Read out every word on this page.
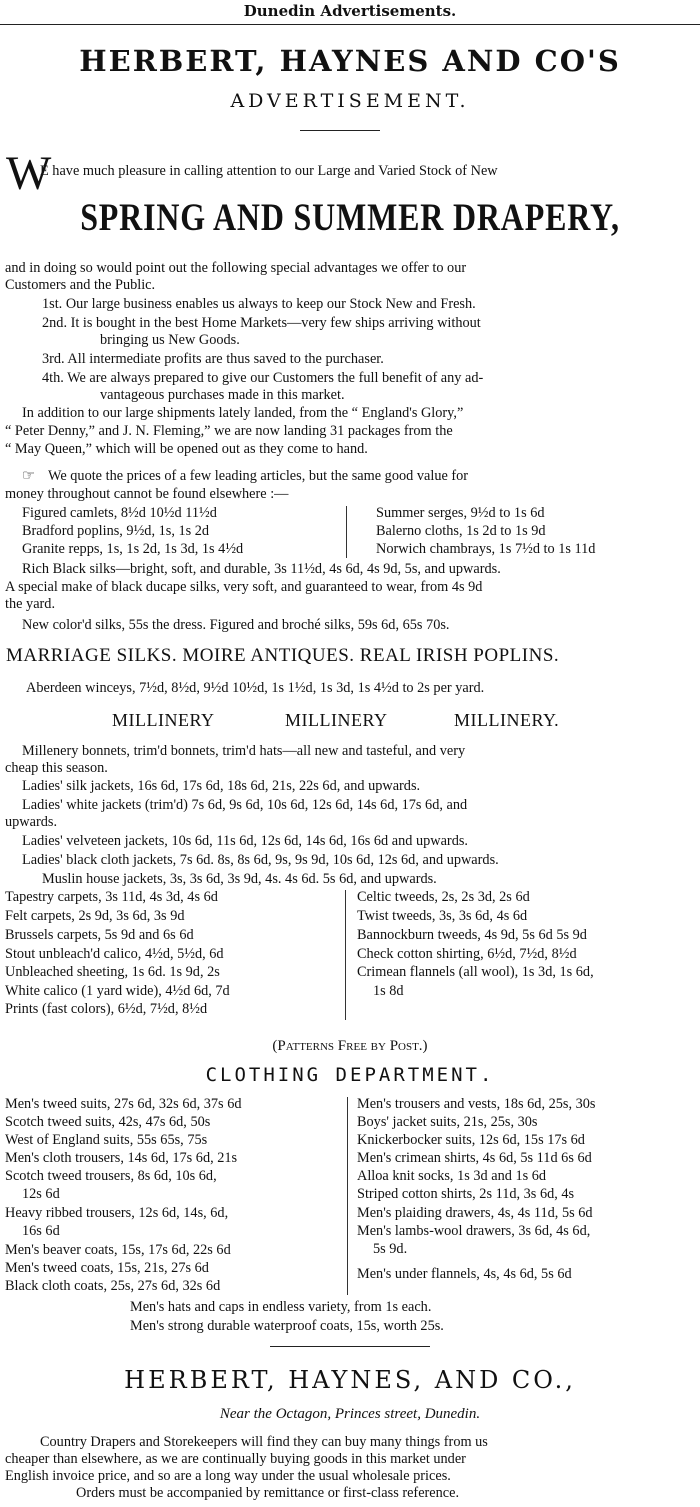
Dunedin Advertisements.
HERBERT, HAYNES AND CO'S
ADVERTISEMENT.
W
E have much pleasure in calling attention to our Large and Varied Stock of New
SPRING AND SUMMER DRAPERY,
and in doing so would point out the following special advantages we offer to our
Customers and the Public.
1st. Our large business enables us always to keep our Stock New and Fresh.
2nd. It is bought in the best Home Markets—very few ships arriving without
bringing us New Goods.
3rd. All intermediate profits are thus saved to the purchaser.
4th. We are always prepared to give our Customers the full benefit of any ad-
vantageous purchases made in this market.
In addition to our large shipments lately landed, from the “ England's Glory,”
“ Peter Denny,” and J. N. Fleming,” we are now landing 31 packages from the
“ May Queen,” which will be opened out as they come to hand.
☞ We quote the prices of a few leading articles, but the same good value for
money throughout cannot be found elsewhere :—
Figured camlets, 8½d 10½d 11½d
Bradford poplins, 9½d, 1s, 1s 2d
Granite repps, 1s, 1s 2d, 1s 3d, 1s 4½d
Summer serges, 9½d to 1s 6d
Balerno cloths, 1s 2d to 1s 9d
Norwich chambrays, 1s 7½d to 1s 11d
Rich Black silks—bright, soft, and durable, 3s 11½d, 4s 6d, 4s 9d, 5s, and upwards.
A special make of black ducape silks, very soft, and guaranteed to wear, from 4s 9d
the yard.
New color'd silks, 55s the dress. Figured and broché silks, 59s 6d, 65s 70s.
MARRIAGE SILKS. MOIRE ANTIQUES. REAL IRISH POPLINS.
Aberdeen winceys, 7½d, 8½d, 9½d 10½d, 1s 1½d, 1s 3d, 1s 4½d to 2s per yard.
MILLINERY	MILLINERY	MILLINERY.
Millenery bonnets, trim'd bonnets, trim'd hats—all new and tasteful, and very
cheap this season.
Ladies' silk jackets, 16s 6d, 17s 6d, 18s 6d, 21s, 22s 6d, and upwards.
Ladies' white jackets (trim'd) 7s 6d, 9s 6d, 10s 6d, 12s 6d, 14s 6d, 17s 6d, and
upwards.
Ladies' velveteen jackets, 10s 6d, 11s 6d, 12s 6d, 14s 6d, 16s 6d and upwards.
Ladies' black cloth jackets, 7s 6d. 8s, 8s 6d, 9s, 9s 9d, 10s 6d, 12s 6d, and upwards.
Muslin house jackets, 3s, 3s 6d, 3s 9d, 4s. 4s 6d. 5s 6d, and upwards.
Tapestry carpets, 3s 11d, 4s 3d, 4s 6d
Felt carpets, 2s 9d, 3s 6d, 3s 9d
Brussels carpets, 5s 9d and 6s 6d
Stout unbleach'd calico, 4½d, 5½d, 6d
Unbleached sheeting, 1s 6d. 1s 9d, 2s
White calico (1 yard wide), 4½d 6d, 7d
Prints (fast colors), 6½d, 7½d, 8½d
Celtic tweeds, 2s, 2s 3d, 2s 6d
Twist tweeds, 3s, 3s 6d, 4s 6d
Bannockburn tweeds, 4s 9d, 5s 6d 5s 9d
Check cotton shirting, 6½d, 7½d, 8½d
Crimean flannels (all wool), 1s 3d, 1s 6d,
1s 8d
(Patterns Free by Post.)
CLOTHING DEPARTMENT.
Men's tweed suits, 27s 6d, 32s 6d, 37s 6d
Scotch tweed suits, 42s, 47s 6d, 50s
West of England suits, 55s 65s, 75s
Men's cloth trousers, 14s 6d, 17s 6d, 21s
Scotch tweed trousers, 8s 6d, 10s 6d,
12s 6d
Heavy ribbed trousers, 12s 6d, 14s, 6d,
16s 6d
Men's beaver coats, 15s, 17s 6d, 22s 6d
Men's tweed coats, 15s, 21s, 27s 6d
Black cloth coats, 25s, 27s 6d, 32s 6d
Men's trousers and vests, 18s 6d, 25s, 30s
Boys' jacket suits, 21s, 25s, 30s
Knickerbocker suits, 12s 6d, 15s 17s 6d
Men's crimean shirts, 4s 6d, 5s 11d 6s 6d
Alloa knit socks, 1s 3d and 1s 6d
Striped cotton shirts, 2s 11d, 3s 6d, 4s
Men's plaiding drawers, 4s, 4s 11d, 5s 6d
Men's lambs-wool drawers, 3s 6d, 4s 6d,
5s 9d.
Men's under flannels, 4s, 4s 6d, 5s 6d
Men's hats and caps in endless variety, from 1s each.
Men's strong durable waterproof coats, 15s, worth 25s.
HERBERT, HAYNES, AND CO.,
Near the Octagon, Princes street, Dunedin.
Country Drapers and Storekeepers will find they can buy many things from us
cheaper than elsewhere, as we are continually buying goods in this market under
English invoice price, and so are a long way under the usual wholesale prices.
Orders must be accompanied by remittance or first-class reference.
